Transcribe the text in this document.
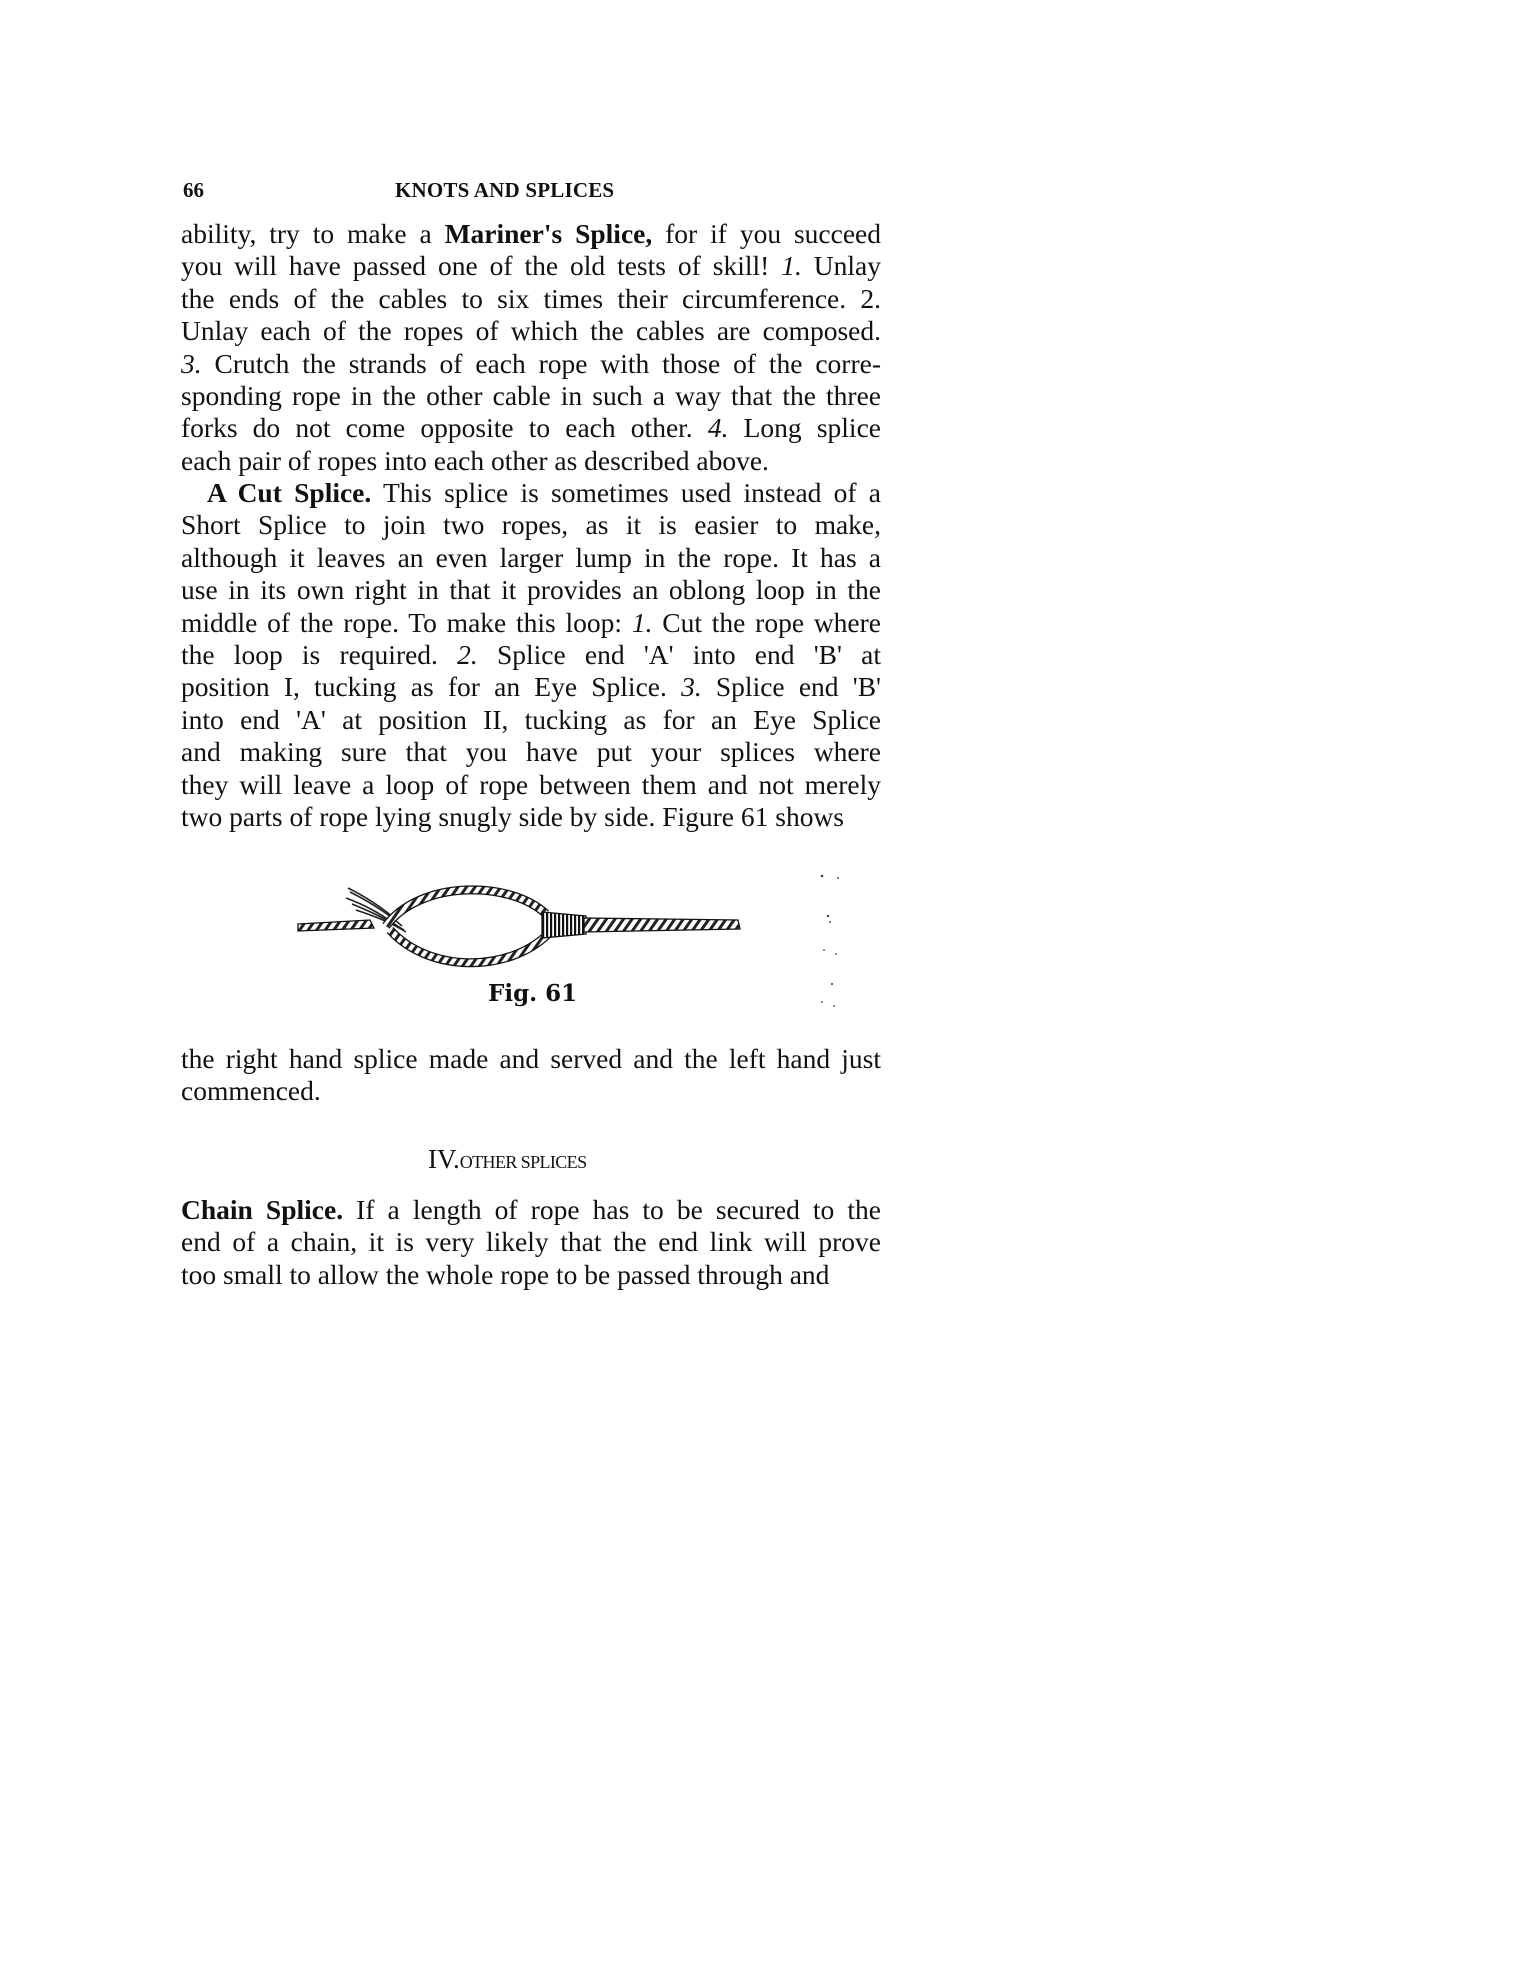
66	KNOTS AND SPLICES
ability, try to make a Mariner's Splice, for if you succeed
you will have passed one of the old tests of skill! 1. Unlay
the ends of the cables to six times their circumference. 2.
Unlay each of the ropes of which the cables are composed.
3. Crutch the strands of each rope with those of the corre-
sponding rope in the other cable in such a way that the three
forks do not come opposite to each other. 4. Long splice
each pair of ropes into each other as described above.
A Cut Splice. This splice is sometimes used instead of a
Short Splice to join two ropes, as it is easier to make,
although it leaves an even larger lump in the rope. It has a
use in its own right in that it provides an oblong loop in the
middle of the rope. To make this loop: 1. Cut the rope where
the loop is required. 2. Splice end 'A' into end 'B' at
position I, tucking as for an Eye Splice. 3. Splice end 'B'
into end 'A' at position II, tucking as for an Eye Splice
and making sure that you have put your splices where
they will leave a loop of rope between them and not merely
two parts of rope lying snugly side by side. Figure 61 shows
Fig. 61
the right hand splice made and served and the left hand just
commenced.
IV.OTHER SPLICES
Chain Splice. If a length of rope has to be secured to the
end of a chain, it is very likely that the end link will prove
too small to allow the whole rope to be passed through and
